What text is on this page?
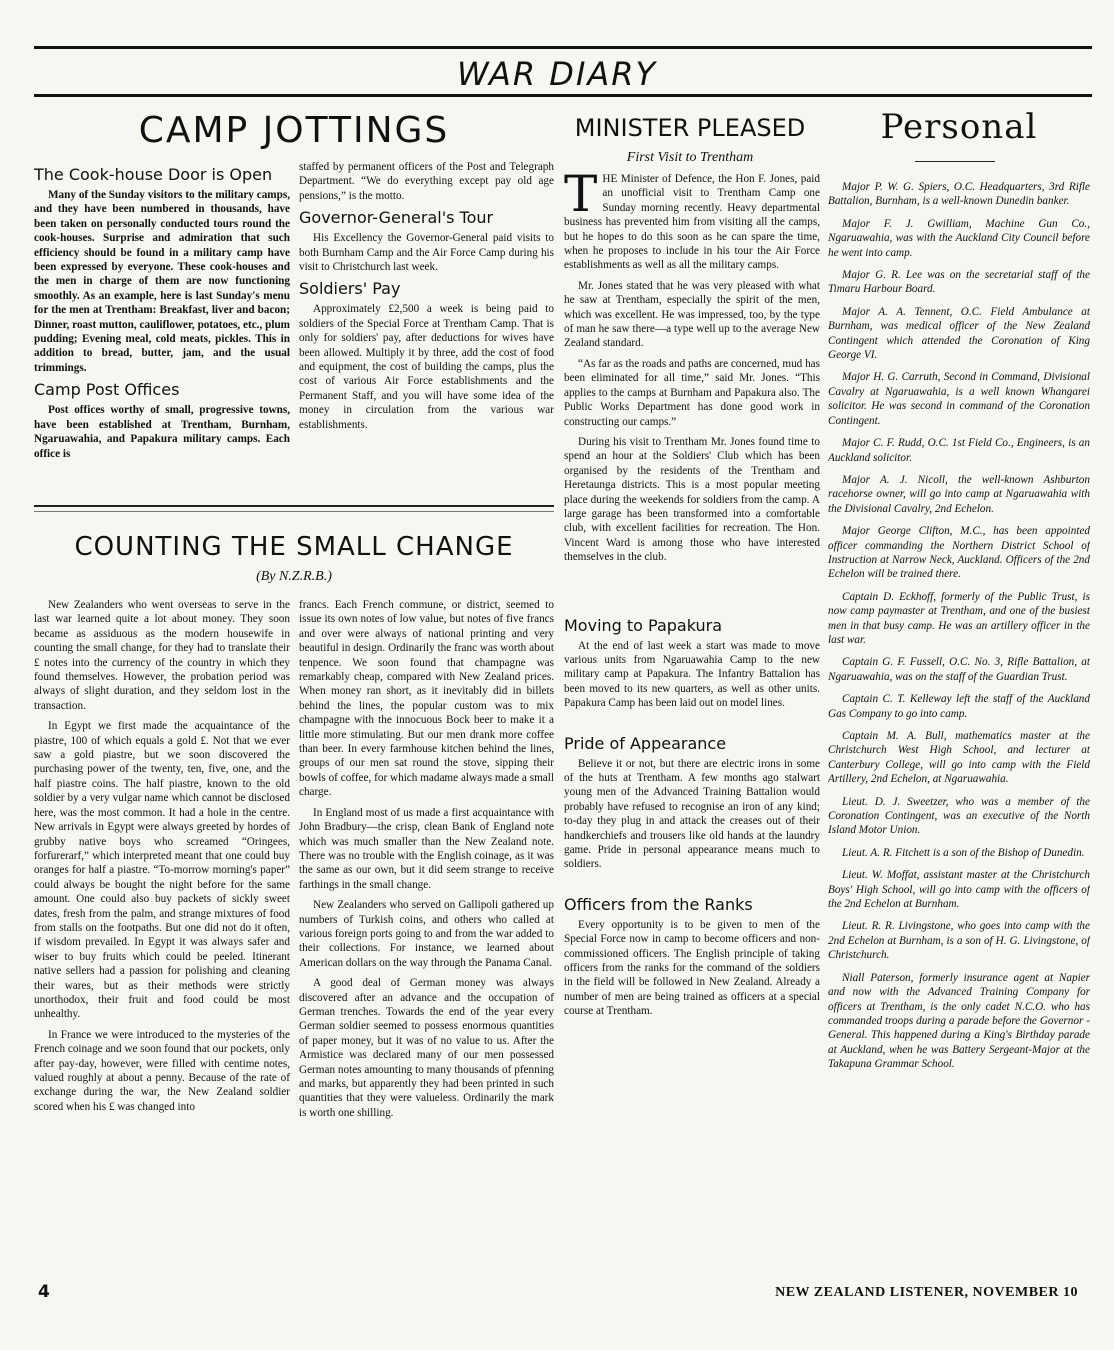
WAR DIARY
CAMP JOTTINGS
The Cook-house Door is Open

Many of the Sunday visitors to the military camps, and they have been numbered in thousands, have been taken on personally conducted tours round the cook-houses. Surprise and admiration that such efficiency should be found in a military camp have been expressed by everyone. These cook-houses and the men in charge of them are now functioning smoothly. As an example, here is last Sunday's menu for the men at Trentham: Breakfast, liver and bacon; Dinner, roast mutton, cauliflower, potatoes, etc., plum pudding; Evening meal, cold meats, pickles. This in addition to bread, butter, jam, and the usual trimmings.

Camp Post Offices

Post offices worthy of small, progressive towns, have been established at Trentham, Burnham, Ngaruawahia, and Papakura military camps. Each office is

staffed by permanent officers of the Post and Telegraph Department. “We do everything except pay old age pensions,” is the motto.

Governor-General's Tour

His Excellency the Governor-General paid visits to both Burnham Camp and the Air Force Camp during his visit to Christchurch last week.

Soldiers' Pay

Approximately £2,500 a week is being paid to soldiers of the Special Force at Trentham Camp. That is only for soldiers' pay, after deductions for wives have been allowed. Multiply it by three, add the cost of food and equipment, the cost of building the camps, plus the cost of various Air Force establishments and the Permanent Staff, and you will have some idea of the money in circulation from the various war establishments.

MINISTER PLEASED
First Visit to Trentham

THE Minister of Defence, the Hon F. Jones, paid an unofficial visit to Trentham Camp one Sunday morning recently. Heavy departmental business has prevented him from visiting all the camps, but he hopes to do this soon as he can spare the time, when he proposes to include in his tour the Air Force establishments as well as all the military camps.

Mr. Jones stated that he was very pleased with what he saw at Trentham, especially the spirit of the men, which was excellent. He was impressed, too, by the type of man he saw there—a type well up to the average New Zealand standard.

“As far as the roads and paths are concerned, mud has been eliminated for all time,” said Mr. Jones. “This applies to the camps at Burnham and Papakura also. The Public Works Department has done good work in constructing our camps.”

During his visit to Trentham Mr. Jones found time to spend an hour at the Soldiers' Club which has been organised by the residents of the Trentham and Heretaunga districts. This is a most popular meeting place during the weekends for soldiers from the camp. A large garage has been transformed into a comfortable club, with excellent facilities for recreation. The Hon. Vincent Ward is among those who have interested themselves in the club.

Moving to Papakura

At the end of last week a start was made to move various units from Ngaruawahia Camp to the new military camp at Papakura. The Infantry Battalion has been moved to its new quarters, as well as other units. Papakura Camp has been laid out on model lines.

Pride of Appearance

Believe it or not, but there are electric irons in some of the huts at Trentham. A few months ago stalwart young men of the Advanced Training Battalion would probably have refused to recognise an iron of any kind; to-day they plug in and attack the creases out of their handkerchiefs and trousers like old hands at the laundry game. Pride in personal appearance means much to soldiers.

Officers from the Ranks

Every opportunity is to be given to men of the Special Force now in camp to become officers and non-commissioned officers. The English principle of taking officers from the ranks for the command of the soldiers in the field will be followed in New Zealand. Already a number of men are being trained as officers at a special course at Trentham.

Personal

Major P. W. G. Spiers, O.C. Headquarters, 3rd Rifle Battalion, Burnham, is a well-known Dunedin banker.

Major F. J. Gwilliam, Machine Gun Co., Ngaruawahia, was with the Auckland City Council before he went into camp.

Major G. R. Lee was on the secretarial staff of the Timaru Harbour Board.

Major A. A. Tennent, O.C. Field Ambulance at Burnham, was medical officer of the New Zealand Contingent which attended the Coronation of King George VI.

Major H. G. Carruth, Second in Command, Divisional Cavalry at Ngaruawahia, is a well known Whangarei solicitor. He was second in command of the Coronation Contingent.

Major C. F. Rudd, O.C. 1st Field Co., Engineers, is an Auckland solicitor.

Major A. J. Nicoll, the well-known Ashburton racehorse owner, will go into camp at Ngaruawahia with the Divisional Cavalry, 2nd Echelon.

Major George Clifton, M.C., has been appointed officer commanding the Northern District School of Instruction at Narrow Neck, Auckland. Officers of the 2nd Echelon will be trained there.

Captain D. Eckhoff, formerly of the Public Trust, is now camp paymaster at Trentham, and one of the busiest men in that busy camp. He was an artillery officer in the last war.

Captain G. F. Fussell, O.C. No. 3, Rifle Battalion, at Ngaruawahia, was on the staff of the Guardian Trust.

Captain C. T. Kelleway left the staff of the Auckland Gas Company to go into camp.

Captain M. A. Bull, mathematics master at the Christchurch West High School, and lecturer at Canterbury College, will go into camp with the Field Artillery, 2nd Echelon, at Ngaruawahia.

Lieut. D. J. Sweetzer, who was a member of the Coronation Contingent, was an executive of the North Island Motor Union.

Lieut. A. R. Fitchett is a son of the Bishop of Dunedin.

Lieut. W. Moffat, assistant master at the Christchurch Boys' High School, will go into camp with the officers of the 2nd Echelon at Burnham.

Lieut. R. R. Livingstone, who goes into camp with the 2nd Echelon at Burnham, is a son of H. G. Livingstone, of Christchurch.

Niall Paterson, formerly insurance agent at Napier and now with the Advanced Training Company for officers at Trentham, is the only cadet N.C.O. who has commanded troops during a parade before the Governor - General. This happened during a King's Birthday parade at Auckland, when he was Battery Sergeant-Major at the Takapuna Grammar School.

COUNTING THE SMALL CHANGE
(By N.Z.R.B.)

New Zealanders who went overseas to serve in the last war learned quite a lot about money. They soon became as assiduous as the modern housewife in counting the small change, for they had to translate their £ notes into the currency of the country in which they found themselves. However, the probation period was always of slight duration, and they seldom lost in the transaction.

In Egypt we first made the acquaintance of the piastre, 100 of which equals a gold £. Not that we ever saw a gold piastre, but we soon discovered the purchasing power of the twenty, ten, five, one, and the half piastre coins. The half piastre, known to the old soldier by a very vulgar name which cannot be disclosed here, was the most common. It had a hole in the centre. New arrivals in Egypt were always greeted by hordes of grubby native boys who screamed “Oringees, forfurerarf,” which interpreted meant that one could buy oranges for half a piastre. “To-morrow morning's paper” could always be bought the night before for the same amount. One could also buy packets of sickly sweet dates, fresh from the palm, and strange mixtures of food from stalls on the footpaths. But one did not do it often, if wisdom prevailed. In Egypt it was always safer and wiser to buy fruits which could be peeled. Itinerant native sellers had a passion for polishing and cleaning their wares, but as their methods were strictly unorthodox, their fruit and food could be most unhealthy.

In France we were introduced to the mysteries of the French coinage and we soon found that our pockets, only after pay-day, however, were filled with centime notes, valued roughly at about a penny. Because of the rate of exchange during the war, the New Zealand soldier scored when his £ was changed into

francs. Each French commune, or district, seemed to issue its own notes of low value, but notes of five francs and over were always of national printing and very beautiful in design. Ordinarily the franc was worth about tenpence. We soon found that champagne was remarkably cheap, compared with New Zealand prices. When money ran short, as it inevitably did in billets behind the lines, the popular custom was to mix champagne with the innocuous Bock beer to make it a little more stimulating. But our men drank more coffee than beer. In every farmhouse kitchen behind the lines, groups of our men sat round the stove, sipping their bowls of coffee, for which madame always made a small charge.

In England most of us made a first acquaintance with John Bradbury—the crisp, clean Bank of England note which was much smaller than the New Zealand note. There was no trouble with the English coinage, as it was the same as our own, but it did seem strange to receive farthings in the small change.

New Zealanders who served on Gallipoli gathered up numbers of Turkish coins, and others who called at various foreign ports going to and from the war added to their collections. For instance, we learned about American dollars on the way through the Panama Canal.

A good deal of German money was always discovered after an advance and the occupation of German trenches. Towards the end of the year every German soldier seemed to possess enormous quantities of paper money, but it was of no value to us. After the Armistice was declared many of our men possessed German notes amounting to many thousands of pfenning and marks, but apparently they had been printed in such quantities that they were valueless. Ordinarily the mark is worth one shilling.

4	NEW ZEALAND LISTENER, NOVEMBER 10
